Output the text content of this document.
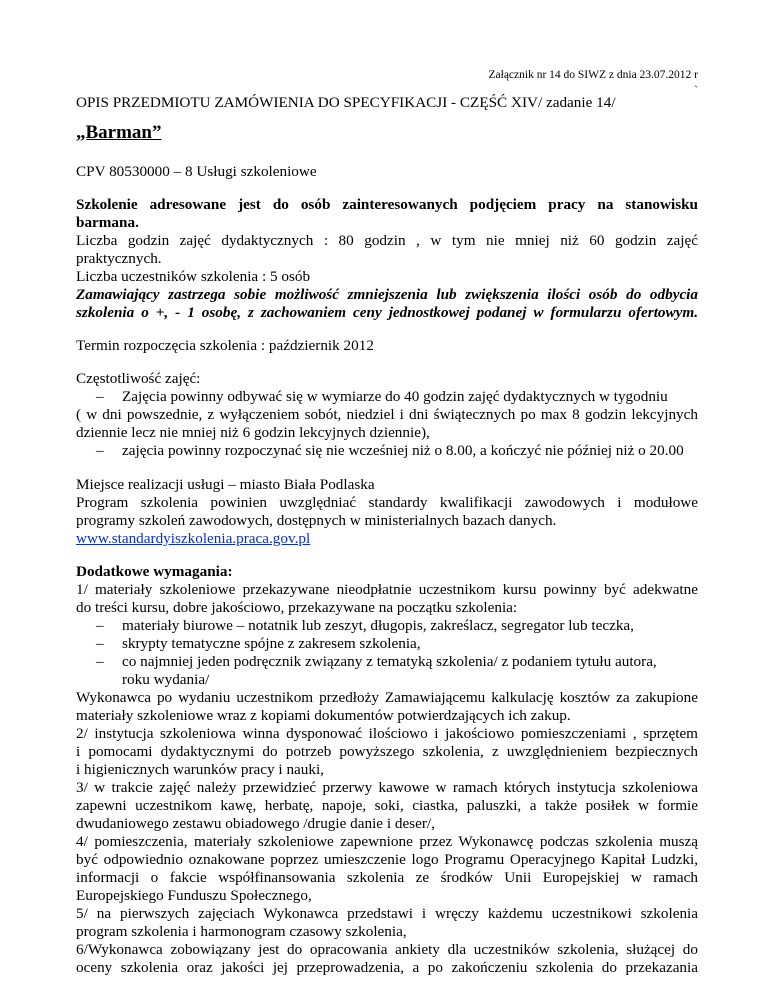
Załącznik nr 14 do SIWZ z dnia 23.07.2012 r
`
OPIS PRZEDMIOTU ZAMÓWIENIA DO SPECYFIKACJI - CZĘŚĆ XIV/ zadanie 14/
„Barman”
CPV 80530000 – 8 Usługi szkoleniowe
Szkolenie adresowane jest do osób zainteresowanych podjęciem pracy na stanowisku
barmana.
Liczba godzin zajęć dydaktycznych : 80 godzin , w tym nie mniej niż 60 godzin zajęć
praktycznych.
Liczba uczestników szkolenia : 5 osób
Zamawiający zastrzega sobie możliwość zmniejszenia lub zwiększenia ilości osób do odbycia
szkolenia o +, - 1 osobę, z zachowaniem ceny jednostkowej podanej w formularzu ofertowym.
Termin rozpoczęcia szkolenia : październik 2012
Częstotliwość zajęć:
– Zajęcia powinny odbywać się w wymiarze do 40 godzin zajęć dydaktycznych w tygodniu
( w dni powszednie, z wyłączeniem sobót, niedziel i dni świątecznych po max 8 godzin lekcyjnych
dziennie lecz nie mniej niż 6 godzin lekcyjnych dziennie),
– zajęcia powinny rozpoczynać się nie wcześniej niż o 8.00, a kończyć nie później niż o 20.00
Miejsce realizacji usługi – miasto Biała Podlaska
Program szkolenia powinien uwzględniać standardy kwalifikacji zawodowych i modułowe
programy szkoleń zawodowych, dostępnych w ministerialnych bazach danych.
www.standardyiszkolenia.praca.gov.pl
Dodatkowe wymagania:
1/ materiały szkoleniowe przekazywane nieodpłatnie uczestnikom kursu powinny być adekwatne
do treści kursu, dobre jakościowo, przekazywane na początku szkolenia:
– materiały biurowe – notatnik lub zeszyt, długopis, zakreślacz, segregator lub teczka,
– skrypty tematyczne spójne z zakresem szkolenia,
– co najmniej jeden podręcznik związany z tematyką szkolenia/ z podaniem tytułu autora,
roku wydania/
Wykonawca po wydaniu uczestnikom przedłoży Zamawiającemu kalkulację kosztów za zakupione
materiały szkoleniowe wraz z kopiami dokumentów potwierdzających ich zakup.
2/ instytucja szkoleniowa winna dysponować ilościowo i jakościowo pomieszczeniami , sprzętem
i pomocami dydaktycznymi do potrzeb powyższego szkolenia, z uwzględnieniem bezpiecznych
i higienicznych warunków pracy i nauki,
3/ w trakcie zajęć należy przewidzieć przerwy kawowe w ramach których instytucja szkoleniowa
zapewni uczestnikom kawę, herbatę, napoje, soki, ciastka, paluszki, a także posiłek w formie
dwudaniowego zestawu obiadowego /drugie danie i deser/,
4/ pomieszczenia, materiały szkoleniowe zapewnione przez Wykonawcę podczas szkolenia muszą
być odpowiednio oznakowane poprzez umieszczenie logo Programu Operacyjnego Kapitał Ludzki,
informacji o fakcie współfinansowania szkolenia ze środków Unii Europejskiej w ramach
Europejskiego Funduszu Społecznego,
5/ na pierwszych zajęciach Wykonawca przedstawi i wręczy każdemu uczestnikowi szkolenia
program szkolenia i harmonogram czasowy szkolenia,
6/Wykonawca zobowiązany jest do opracowania ankiety dla uczestników szkolenia, służącej do
oceny szkolenia oraz jakości jej przeprowadzenia, a po zakończeniu szkolenia do przekazania
